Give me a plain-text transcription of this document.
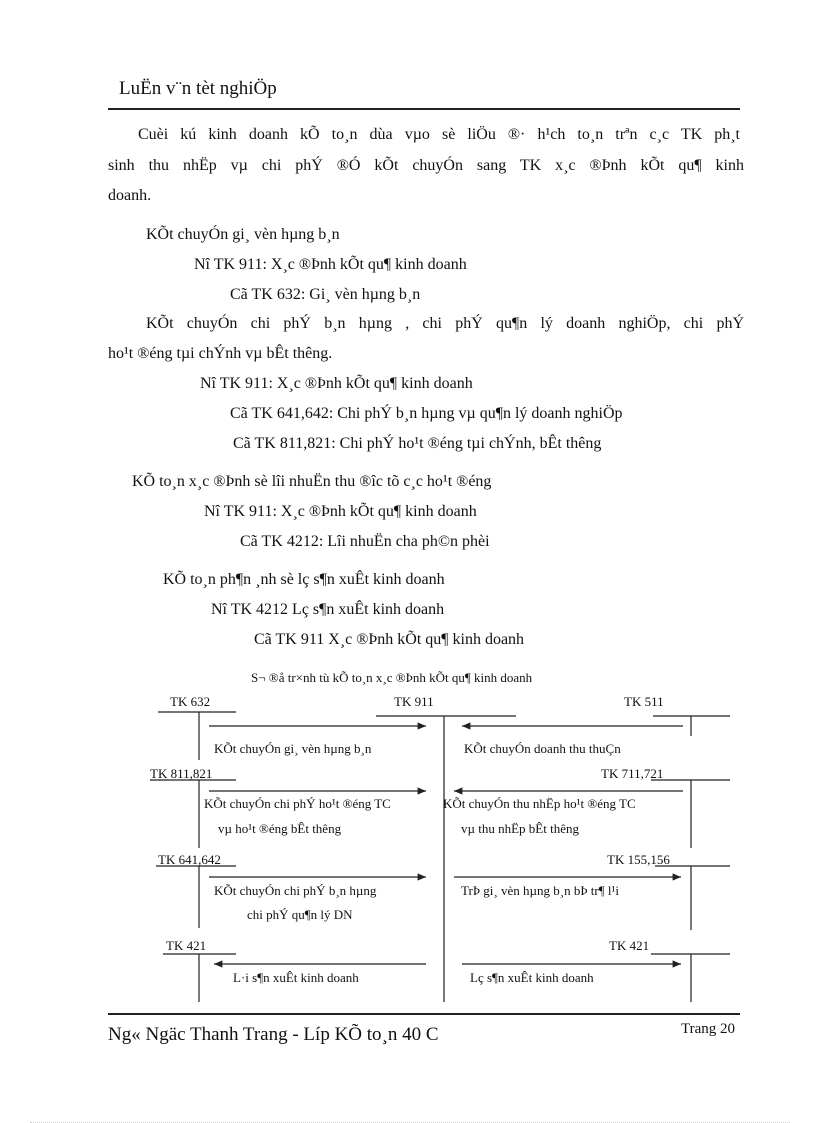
LuËn v¨n tèt nghiÖp
Cuèi kú kinh doanh kÕ to¸n dùa vµo sè liÖu ®· h¹ch to¸n trªn c¸c TK ph¸t
sinh thu nhËp vµ chi phÝ ®Ó kÕt chuyÓn sang TK x¸c ®Þnh kÕt qu¶ kinh
doanh.
KÕt chuyÓn gi¸ vèn hµng b¸n
Nî TK 911: X¸c ®Þnh kÕt qu¶ kinh doanh
Cã TK 632: Gi¸ vèn hµng b¸n
KÕt chuyÓn chi phÝ b¸n hµng , chi phÝ qu¶n lý doanh nghiÖp, chi phÝ
ho¹t ®éng tµi chÝnh vµ bÊt thêng.
Nî TK 911: X¸c ®Þnh kÕt qu¶ kinh doanh
Cã TK 641,642: Chi phÝ b¸n hµng vµ qu¶n lý doanh nghiÖp
Cã TK 811,821: Chi phÝ ho¹t ®éng tµi chÝnh, bÊt thêng
KÕ to¸n x¸c ®Þnh sè lîi nhuËn thu ®îc tõ c¸c ho¹t ®éng
Nî TK 911: X¸c ®Þnh kÕt qu¶ kinh doanh
Cã TK 4212: Lîi nhuËn cha ph©n phèi
KÕ to¸n ph¶n ¸nh sè lç s¶n xuÊt kinh doanh
Nî TK 4212 Lç s¶n xuÊt kinh doanh
Cã TK 911 X¸c ®Þnh kÕt qu¶ kinh doanh
S¬ ®å tr×nh tù kÕ to¸n x¸c ®Þnh kÕt qu¶ kinh doanh
TK 632	TK 911	TK 511
TK 811,821	TK 711,721
TK 641,642	TK 155,156
TK 421	TK 421
KÕt chuyÓn gi¸ vèn hµng b¸n	KÕt chuyÓn doanh thu thuÇn
KÕt chuyÓn chi phÝ ho¹t ®éng TC
vµ ho¹t ®éng bÊt thêng
KÕt chuyÓn thu nhËp ho¹t ®éng TC
vµ thu nhËp bÊt thêng
KÕt chuyÓn chi phÝ b¸n hµng
chi phÝ qu¶n lý DN
TrÞ gi¸ vèn hµng b¸n bÞ tr¶ l¹i
L·i s¶n xuÊt kinh doanh	Lç s¶n xuÊt kinh doanh
Ng« Ngäc Thanh Trang - Líp KÕ to¸n 40 C	Trang 20
